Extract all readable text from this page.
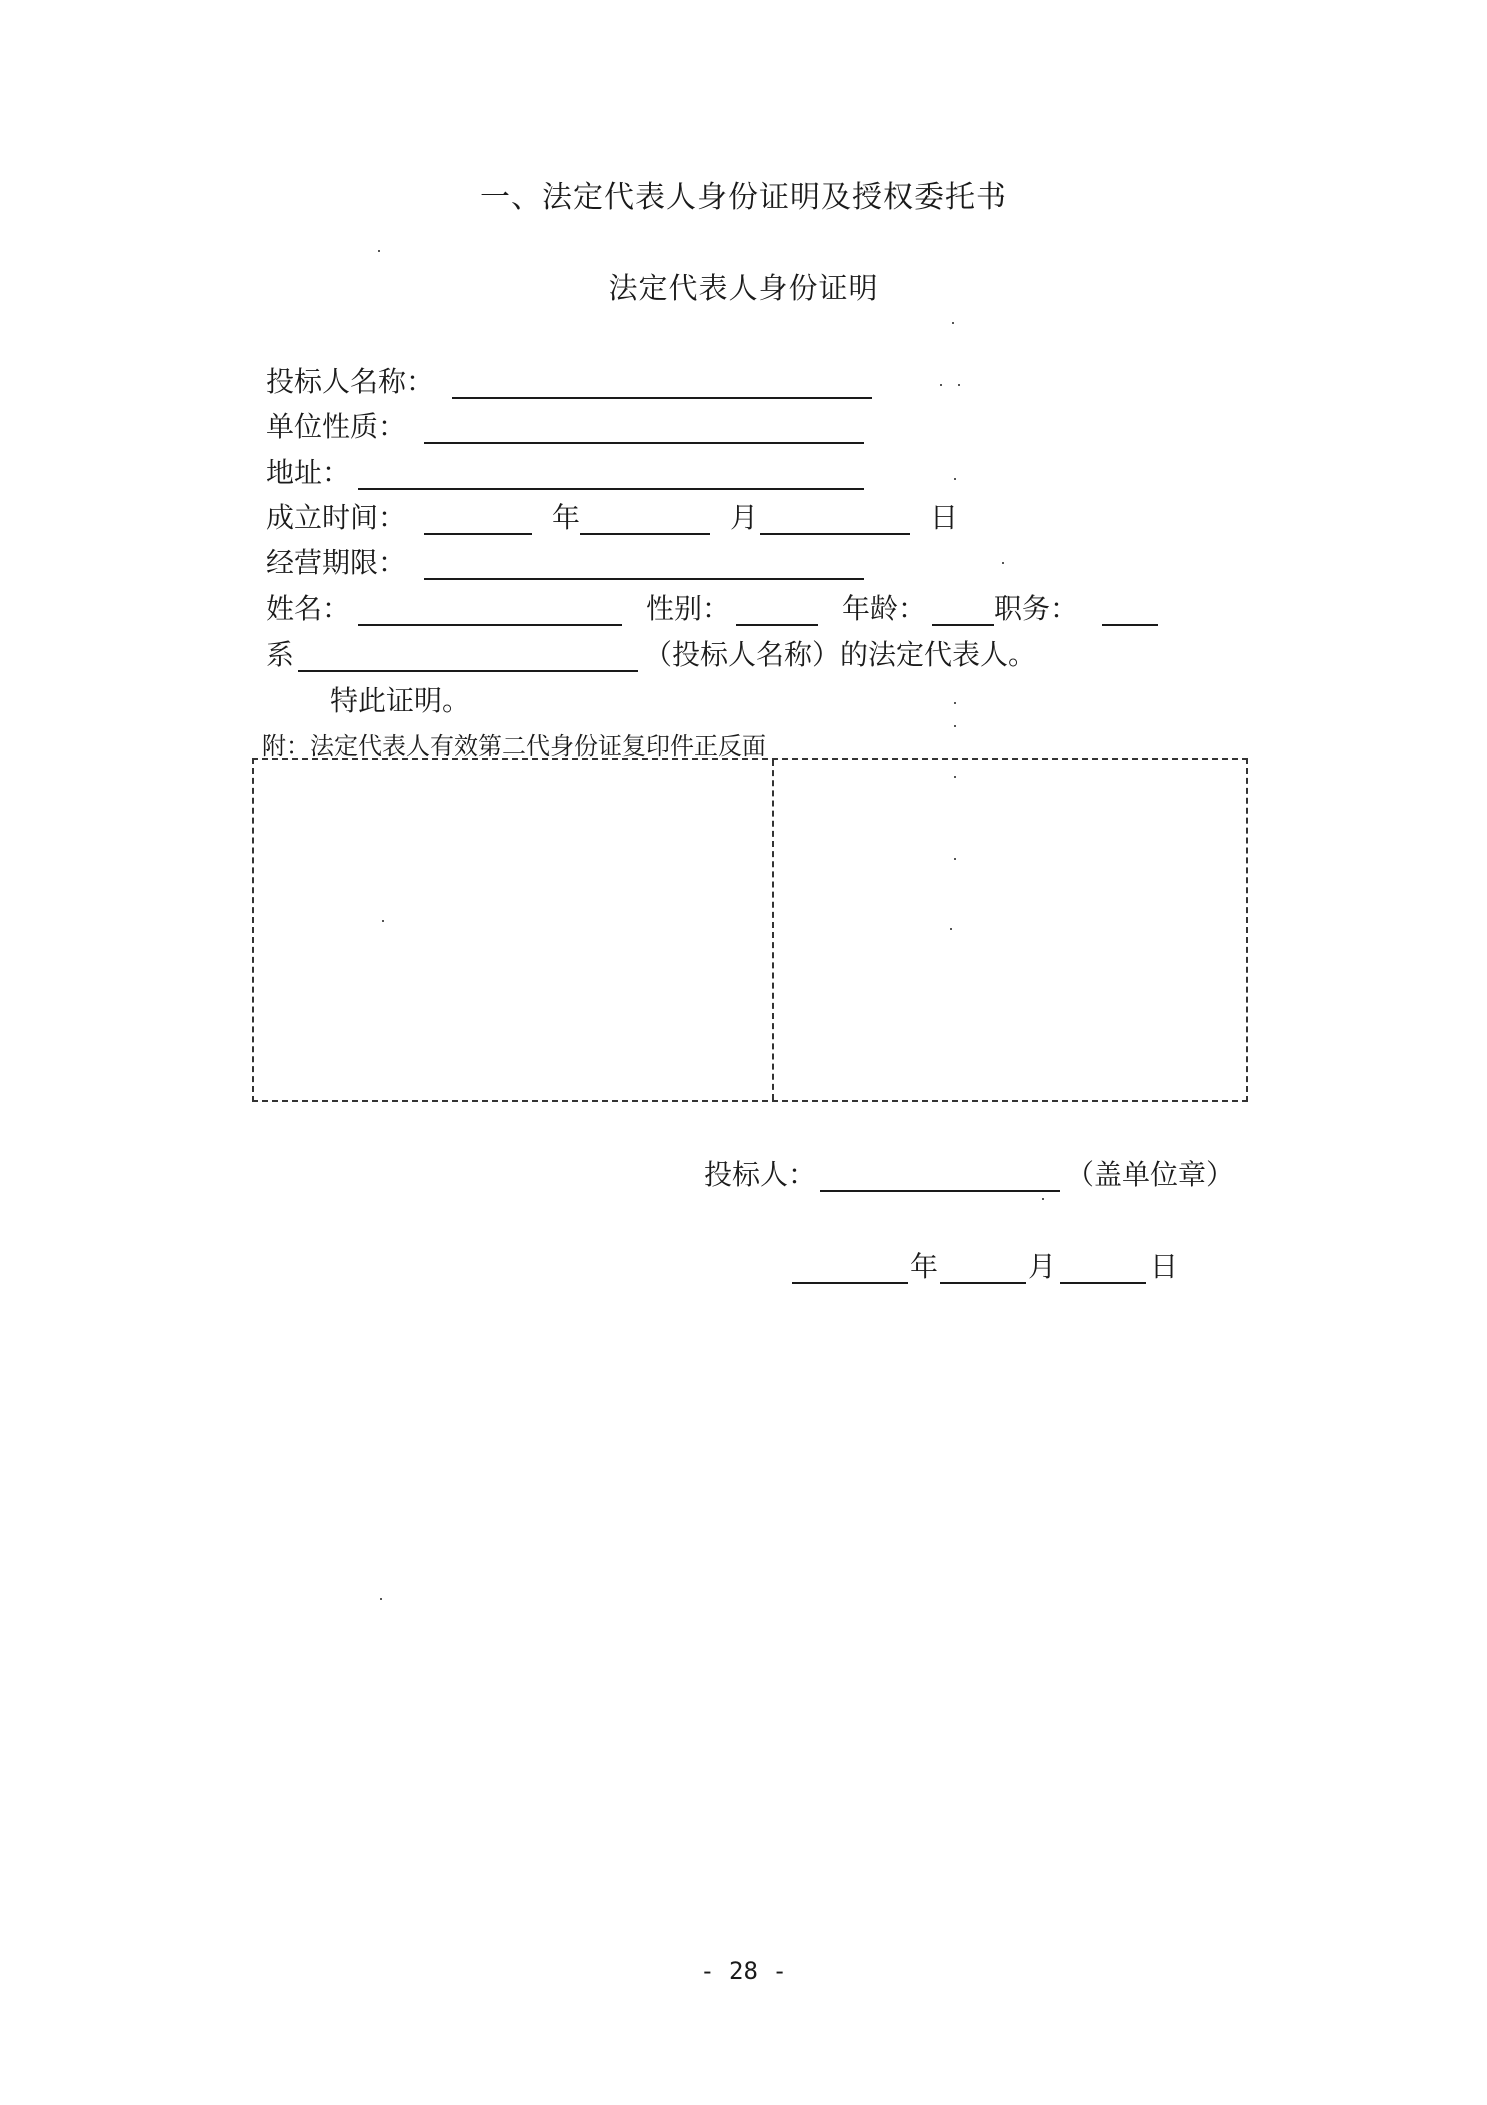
一、法定代表人身份证明及授权委托书
法定代表人身份证明
投标人名称：
单位性质：
地址：
成立时间：	年	月	日
经营期限：
姓名：	性别：	年龄： 职务：
系	（投标人名称）的法定代表人。
特此证明。
附：法定代表人有效第二代身份证复印件正反面
投标人：	（盖单位章）
年	月	日
- 28 -
